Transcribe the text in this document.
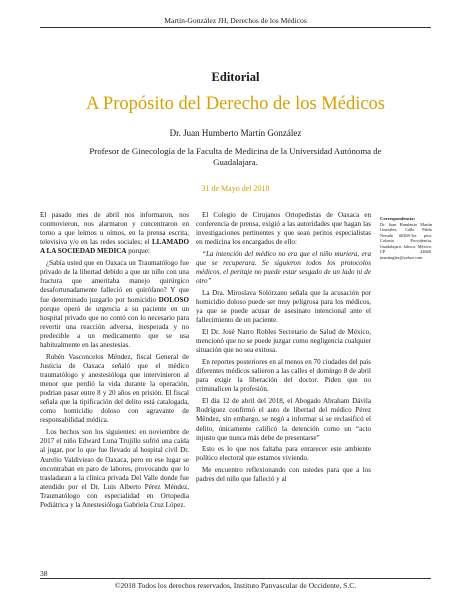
Martín-González JH, Derechos de los Médicos
Editorial
A Propósito del Derecho de los Médicos
Dr. Juan Humberto Martín González
Profesor de Ginecología de la Faculta de Medicina de la Universidad Autónoma de Guadalajara.
31 de Mayo del 2018

El pasado mes de abril nos informaron, nos conmovieron, nos alarmaron y concentraron en torno a que leímos u oímos, en la prensa escrita, televisiva y/o en las redes sociales; el LLAMADO A LA SOCIEDAD MEDICA porque:

¿Sabía usted que en Oaxaca un Traumatólogo fue privado de la libertad debido a que un niño con una fractura que ameritaba manejo quirúrgico desafortunadamente falleció en quirófano? Y que fue determinado juzgarlo por homicidio DOLOSO porque operó de urgencia a su paciente en un hospital privado que no contó con lo necesario para revertir una reacción adversa, inesperada y no predecible a un medicamento que se usa habitualmente en las anestesias.

Rubén Vasconcelos Méndez, fiscal General de Justicia de Oaxaca señaló que el médico traumatólogo y anestesióloga que intervinieron al menor que perdió la vida durante la operación, podrían pasar entre 8 y 20 años en prisión. El fiscal señala que la tipificación del delito está catalogada, como homicidio doloso con agravante de responsabilidad médica.

Los hechos son los siguientes: en noviembre de 2017 el niño Edward Luna Trujillo sufrió una caída al jugar, por lo que fue llevado al hospital civil Dr. Aurelio Valdivieso de Oaxaca, pero en ese lugar se encontraban en paro de labores, provocando que lo trasladaran a la clínica privada Del Valle donde fue atendido por el Dr. Luis Alberto Pérez Méndez, Traumatólogo con especialidad en Ortopedia Pediátrica y la Anestesióloga Gabriela Cruz López.

El Colegio de Cirujanos Ortopedistas de Oaxaca en conferencia de prensa, exigió a las autoridades que hagan las investigaciones pertinentes y que sean peritos especialistas en medicina los encargados de ello:

“La intención del médico no era que el niño muriera, era que se recuperara. Se siguieron todos los protocolos médicos, el peritaje no puede estar sesgado de un lado ni de otro”

La Dra. Miroslava Solórzano señala que la acusación por homicidio doloso puede ser muy peligrosa para los médicos, ya que se puede acusar de asesinato intencional ante el fallecimiento de un paciente.

El Dr. José Narro Robles Secretario de Salud de México, mencionó que no se puede juzgar como negligencia cualquier situación que no sea exitosa.

En reportes posteriores en al menos en 70 ciudades del país diferentes médicos salieron a las calles el domingo 8 de abril para exigir la liberación del doctor. Piden que no criminalicen la profesión.

El día 12 de abril del 2018, el Abogado Abraham Dávila Rodríguez confirmó el auto de libertad del médico Pérez Méndez, sin embargo, se negó a informar si se reclasificó el delito, únicamente calificó la detención como un “acto injusto que nunca más debe de presentarse”

Esto es lo que nos faltaba para enrarecer este ambiente político electoral que estamos viviendo.

Me encuentro reflexionando con ustedes para que a los padres del niño que falleció y al

Correspondencia:
Dr. Juan Humberto Martín González, Calle Pablo Neruda #0268-3er. piso, Colonia Providencia, Guadalajara, Jalisco, México. CP 44660. jmartinglez@yahoo.com
38
©2018 Todos los derechos reservados, Instituto Panvascular de Occidente, S.C.
